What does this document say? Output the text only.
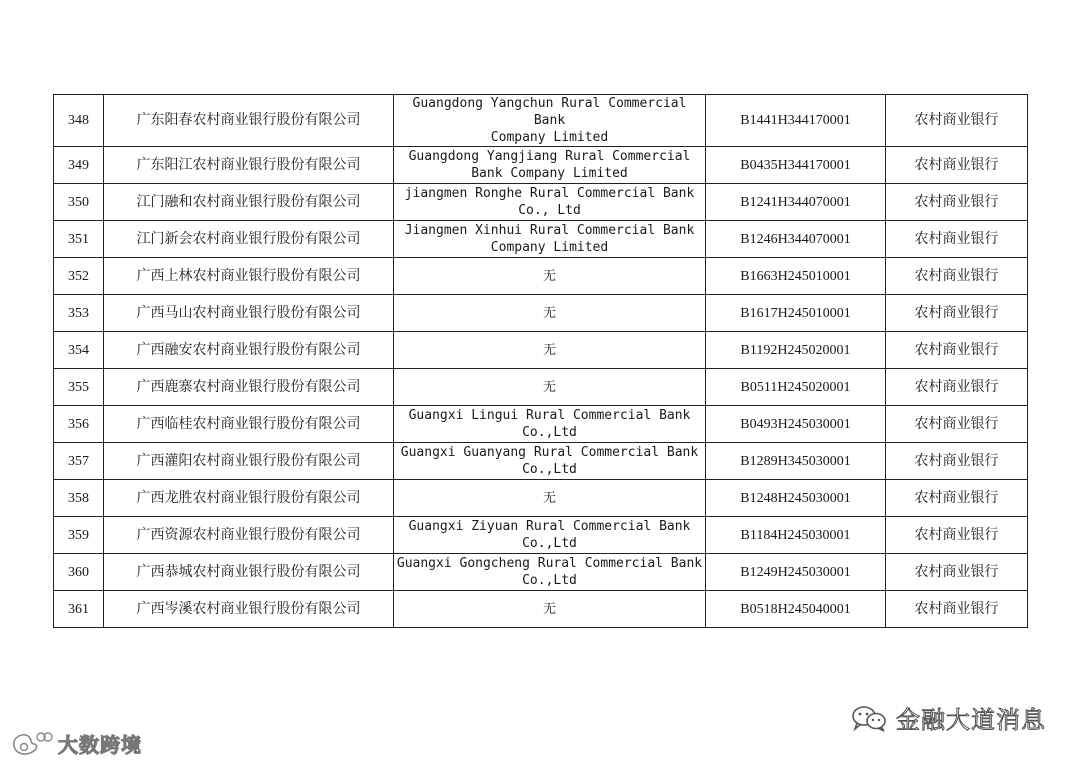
348	广东阳春农村商业银行股份有限公司	Guangdong Yangchun Rural Commercial Bank
Company Limited	B1441H344170001	农村商业银行
349	广东阳江农村商业银行股份有限公司	Guangdong Yangjiang Rural Commercial
Bank Company Limited	B0435H344170001	农村商业银行
350	江门融和农村商业银行股份有限公司	jiangmen Ronghe Rural Commercial Bank
Co., Ltd	B1241H344070001	农村商业银行
351	江门新会农村商业银行股份有限公司	Jiangmen Xinhui Rural Commercial Bank
Company Limited	B1246H344070001	农村商业银行
352	广西上林农村商业银行股份有限公司	无	B1663H245010001	农村商业银行
353	广西马山农村商业银行股份有限公司	无	B1617H245010001	农村商业银行
354	广西融安农村商业银行股份有限公司	无	B1192H245020001	农村商业银行
355	广西鹿寨农村商业银行股份有限公司	无	B0511H245020001	农村商业银行
356	广西临桂农村商业银行股份有限公司	Guangxi Lingui Rural Commercial Bank
Co.,Ltd	B0493H245030001	农村商业银行
357	广西灌阳农村商业银行股份有限公司	Guangxi Guanyang Rural Commercial Bank
Co.,Ltd	B1289H345030001	农村商业银行
358	广西龙胜农村商业银行股份有限公司	无	B1248H245030001	农村商业银行
359	广西资源农村商业银行股份有限公司	Guangxi Ziyuan Rural Commercial Bank
Co.,Ltd	B1184H245030001	农村商业银行
360	广西恭城农村商业银行股份有限公司	Guangxi Gongcheng Rural Commercial Bank
Co.,Ltd	B1249H245030001	农村商业银行
361	广西岑溪农村商业银行股份有限公司	无	B0518H245040001	农村商业银行
金融大道消息
大数跨境
